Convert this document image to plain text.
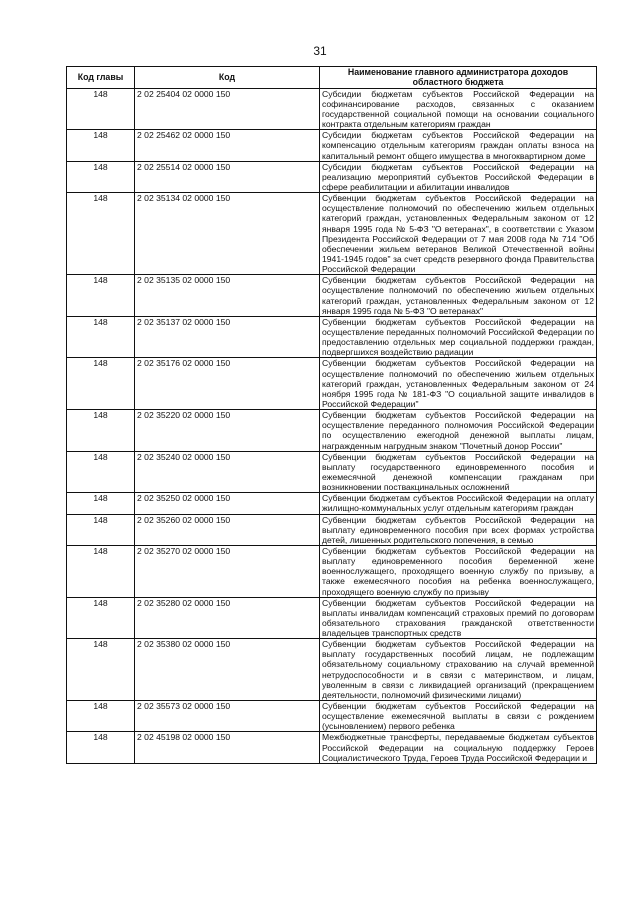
31
Код главы	Код	Наименование главного администратора доходов областного бюджета
148	2 02 25404 02 0000 150	Субсидии бюджетам субъектов Российской Федерации на софинансирование расходов, связанных с оказанием государственной социальной помощи на основании социального контракта отдельным категориям граждан
148	2 02 25462 02 0000 150	Субсидии бюджетам субъектов Российской Федерации на компенсацию отдельным категориям граждан оплаты взноса на капитальный ремонт общего имущества в многоквартирном доме
148	2 02 25514 02 0000 150	Субсидии бюджетам субъектов Российской Федерации на реализацию мероприятий субъектов Российской Федерации в сфере реабилитации и абилитации инвалидов
148	2 02 35134 02 0000 150	Субвенции бюджетам субъектов Российской Федерации на осуществление полномочий по обеспечению жильем отдельных категорий граждан, установленных Федеральным законом от 12 января 1995 года № 5-ФЗ "О ветеранах", в соответствии с Указом Президента Российской Федерации от 7 мая 2008 года № 714 "Об обеспечении жильем ветеранов Великой Отечественной войны 1941-1945 годов" за счет средств резервного фонда Правительства Российской Федерации
148	2 02 35135 02 0000 150	Субвенции бюджетам субъектов Российской Федерации на осуществление полномочий по обеспечению жильем отдельных категорий граждан, установленных Федеральным законом от 12 января 1995 года № 5-ФЗ "О ветеранах"
148	2 02 35137 02 0000 150	Субвенции бюджетам субъектов Российской Федерации на осуществление переданных полномочий Российской Федерации по предоставлению отдельных мер социальной поддержки граждан, подвергшихся воздействию радиации
148	2 02 35176 02 0000 150	Субвенции бюджетам субъектов Российской Федерации на осуществление полномочий по обеспечению жильем отдельных категорий граждан, установленных Федеральным законом от 24 ноября 1995 года № 181-ФЗ "О социальной защите инвалидов в Российской Федерации"
148	2 02 35220 02 0000 150	Субвенции бюджетам субъектов Российской Федерации на осуществление переданного полномочия Российской Федерации по осуществлению ежегодной денежной выплаты лицам, награжденным нагрудным знаком "Почетный донор России"
148	2 02 35240 02 0000 150	Субвенции бюджетам субъектов Российской Федерации на выплату государственного единовременного пособия и ежемесячной денежной компенсации гражданам при возникновении поствакцинальных осложнений
148	2 02 35250 02 0000 150	Субвенции бюджетам субъектов Российской Федерации на оплату жилищно-коммунальных услуг отдельным категориям граждан
148	2 02 35260 02 0000 150	Субвенции бюджетам субъектов Российской Федерации на выплату единовременного пособия при всех формах устройства детей, лишенных родительского попечения, в семью
148	2 02 35270 02 0000 150	Субвенции бюджетам субъектов Российской Федерации на выплату единовременного пособия беременной жене военнослужащего, проходящего военную службу по призыву, а также ежемесячного пособия на ребенка военнослужащего, проходящего военную службу по призыву
148	2 02 35280 02 0000 150	Субвенции бюджетам субъектов Российской Федерации на выплаты инвалидам компенсаций страховых премий по договорам обязательного страхования гражданской ответственности владельцев транспортных средств
148	2 02 35380 02 0000 150	Субвенции бюджетам субъектов Российской Федерации на выплату государственных пособий лицам, не подлежащим обязательному социальному страхованию на случай временной нетрудоспособности и в связи с материнством, и лицам, уволенным в связи с ликвидацией организаций (прекращением деятельности, полномочий физическими лицами)
148	2 02 35573 02 0000 150	Субвенции бюджетам субъектов Российской Федерации на осуществление ежемесячной выплаты в связи с рождением (усыновлением) первого ребенка
148	2 02 45198 02 0000 150	Межбюджетные трансферты, передаваемые бюджетам субъектов Российской Федерации на социальную поддержку Героев Социалистического Труда, Героев Труда Российской Федерации и
